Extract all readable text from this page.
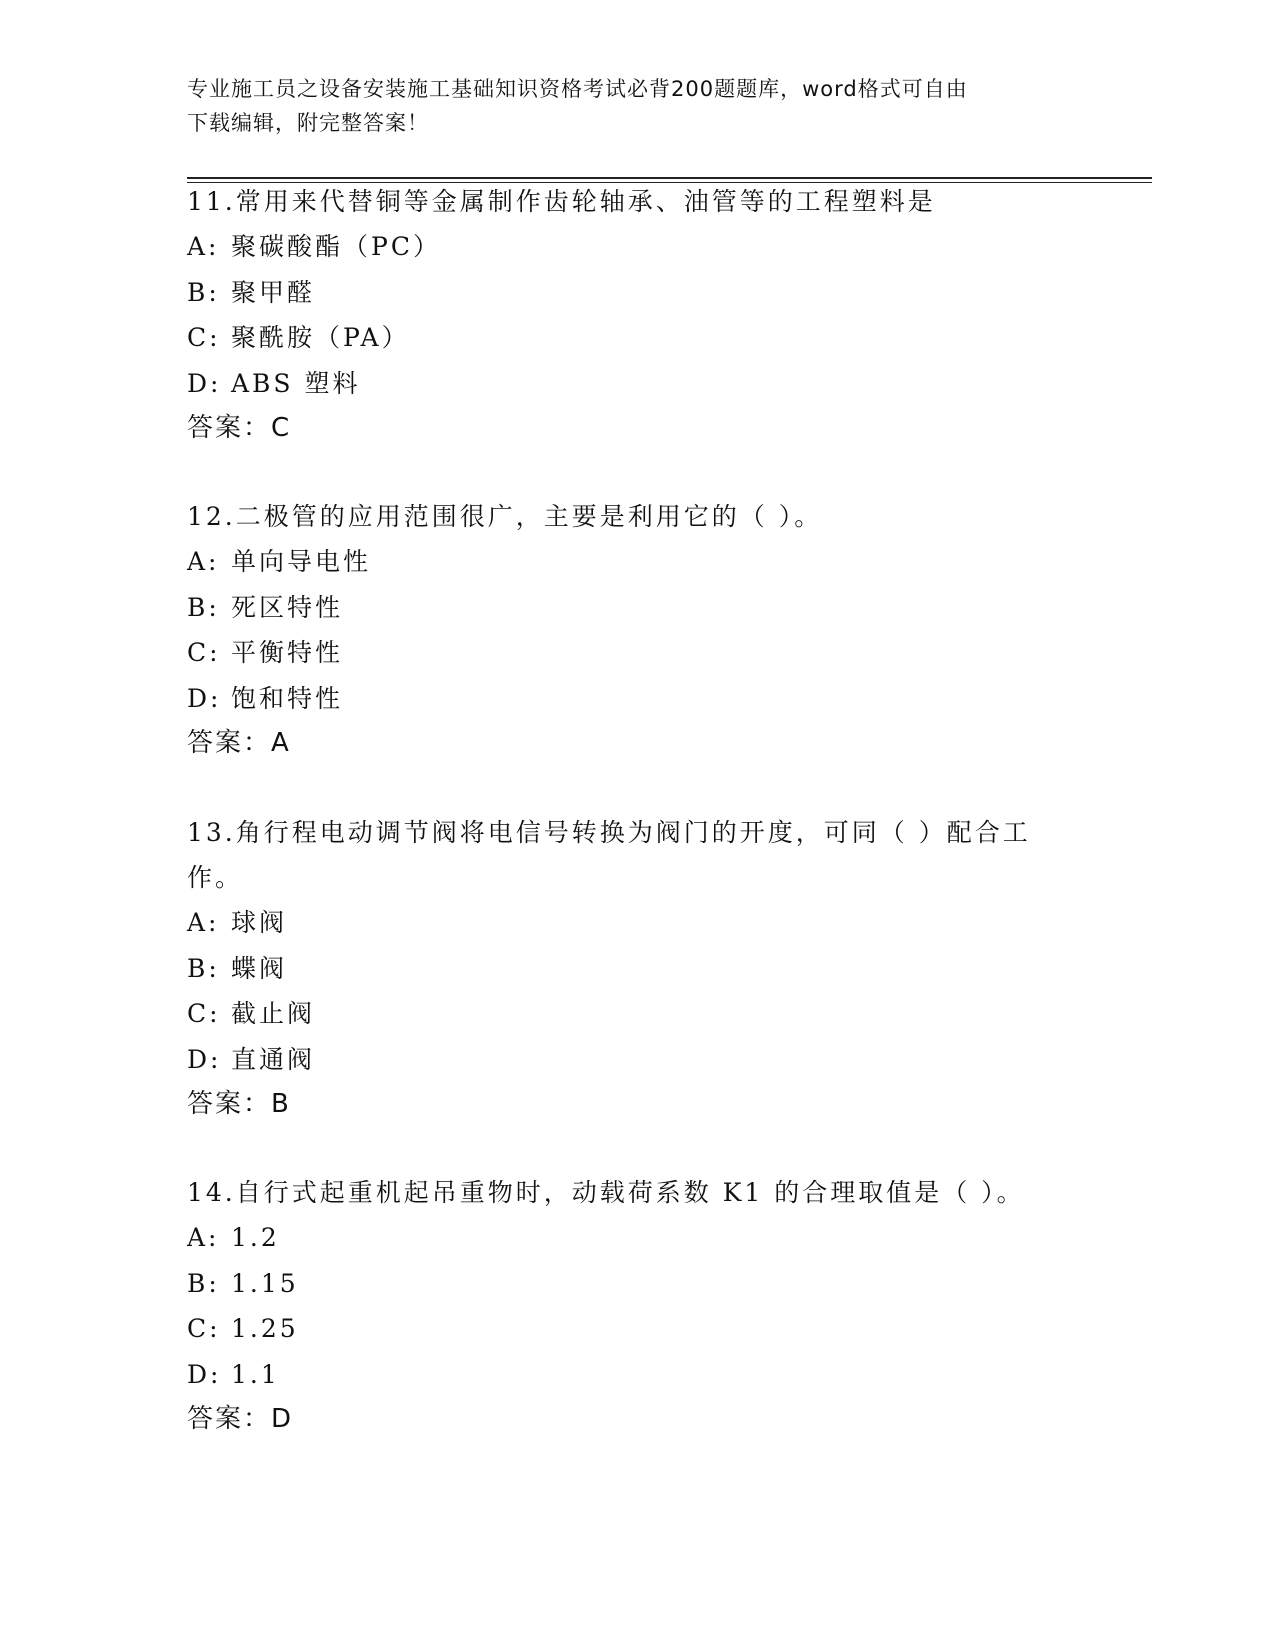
专业施工员之设备安装施工基础知识资格考试必背200题题库，word格式可自由
下载编辑，附完整答案！
11.常用来代替铜等金属制作齿轮轴承、油管等的工程塑料是
A: 聚碳酸酯（PC）
B: 聚甲醛
C: 聚酰胺（PA）
D: ABS 塑料
答案：C
12.二极管的应用范围很广，主要是利用它的（ ）。
A: 单向导电性
B: 死区特性
C: 平衡特性
D: 饱和特性
答案：A
13.角行程电动调节阀将电信号转换为阀门的开度，可同（ ）配合工
作。
A: 球阀
B: 蝶阀
C: 截止阀
D: 直通阀
答案：B
14.自行式起重机起吊重物时，动载荷系数 K1 的合理取值是（ ）。
A: 1.2
B: 1.15
C: 1.25
D: 1.1
答案：D
